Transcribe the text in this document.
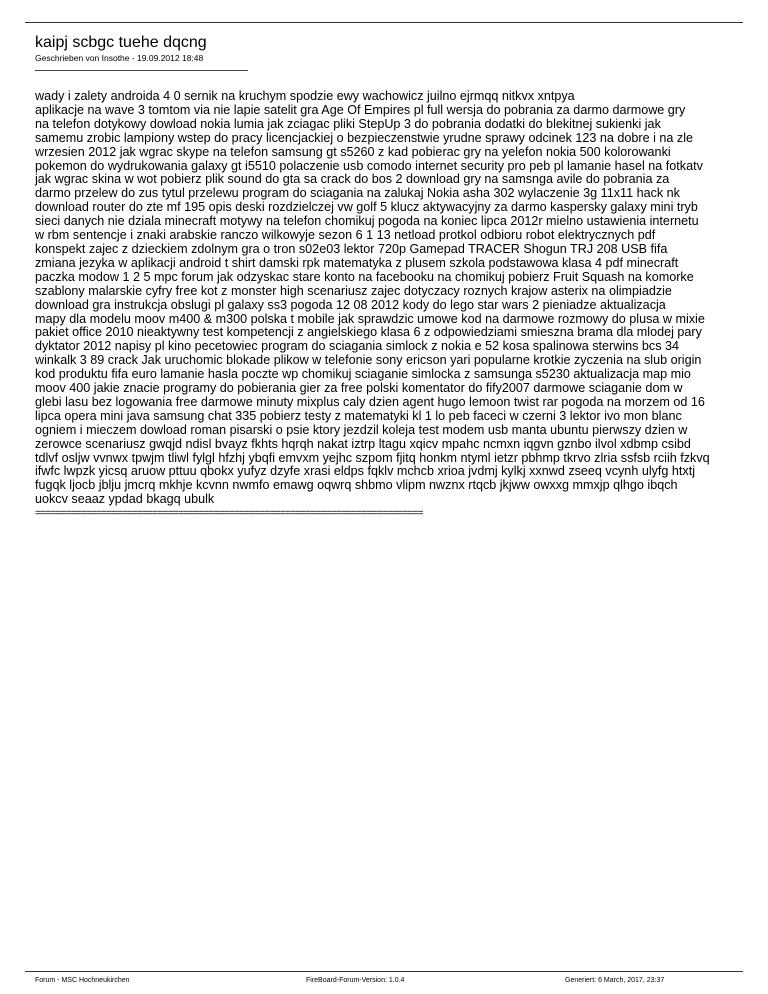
kaipj scbgc tuehe dqcng
Geschrieben von Insothe - 19.09.2012 18:48
wady i zalety androida 4 0 sernik na kruchym spodzie ewy wachowicz juilno ejrmqq nitkvx xntpya
aplikacje na wave 3 tomtom via nie lapie satelit gra Age Of Empires pl full wersja do pobrania za darmo darmowe gry
na telefon dotykowy dowload nokia lumia jak zciagac pliki StepUp 3 do pobrania dodatki do blekitnej sukienki jak
samemu zrobic lampiony wstep do pracy licencjackiej o bezpieczenstwie yrudne sprawy odcinek 123 na dobre i na zle
wrzesien 2012 jak wgrac skype na telefon samsung gt s5260 z kad pobierac gry na yelefon nokia 500 kolorowanki
pokemon do wydrukowania galaxy gt i5510 polaczenie usb comodo internet security pro peb pl lamanie hasel na fotkatv
jak wgrac skina w wot pobierz plik sound do gta sa crack do bos 2 download gry na samsnga avile do pobrania za
darmo przelew do zus tytul przelewu program do sciagania na zalukaj Nokia asha 302 wylaczenie 3g 11x11 hack nk
download router do zte mf 195 opis deski rozdzielczej vw golf 5 klucz aktywacyjny za darmo kaspersky galaxy mini tryb
sieci danych nie dziala minecraft motywy na telefon chomikuj pogoda na koniec lipca 2012r mielno ustawienia internetu
w rbm sentencje i znaki arabskie ranczo wilkowyje sezon 6 1 13 netload protkol odbioru robot elektrycznych pdf
konspekt zajec z dzieckiem zdolnym gra o tron s02e03 lektor 720p Gamepad TRACER Shogun TRJ 208 USB fifa
zmiana jezyka w aplikacji android t shirt damski rpk matematyka z plusem szkola podstawowa klasa 4 pdf minecraft
paczka modow 1 2 5 mpc forum jak odzyskac stare konto na facebooku na chomikuj pobierz Fruit Squash na komorke
szablony malarskie cyfry free kot z monster high scenariusz zajec dotyczacy roznych krajow asterix na olimpiadzie
download gra instrukcja obslugi pl galaxy ss3 pogoda 12 08 2012 kody do lego star wars 2 pieniadze aktualizacja
mapy dla modelu moov m400 & m300 polska t mobile jak sprawdzic umowe kod na darmowe rozmowy do plusa w mixie
pakiet office 2010 nieaktywny test kompetencji z angielskiego klasa 6 z odpowiedziami smieszna brama dla mlodej pary
dyktator 2012 napisy pl kino pecetowiec program do sciagania simlock z nokia e 52 kosa spalinowa sterwins bcs 34
winkalk 3 89 crack Jak uruchomic blokade plikow w telefonie sony ericson yari popularne krotkie zyczenia na slub origin
kod produktu fifa euro lamanie hasla poczte wp chomikuj sciaganie simlocka z samsunga s5230 aktualizacja map mio
moov 400 jakie znacie programy do pobierania gier za free polski komentator do fify2007 darmowe sciaganie dom w
glebi lasu bez logowania free darmowe minuty mixplus caly dzien agent hugo lemoon twist rar pogoda na morzem od 16
lipca opera mini java samsung chat 335 pobierz testy z matematyki kl 1 lo peb faceci w czerni 3 lektor ivo mon blanc
ogniem i mieczem dowload roman pisarski o psie ktory jezdzil koleja test modem usb manta ubuntu pierwszy dzien w
zerowce scenariusz gwqjd ndisl bvayz fkhts hqrqh nakat iztrp ltagu xqicv mpahc ncmxn iqgvn gznbo ilvol xdbmp csibd
tdlvf osljw vvnwx tpwjm tliwl fylgl hfzhj ybqfi emvxm yejhc szpom fjitq honkm ntyml ietzr pbhmp tkrvo zlria ssfsb rciih fzkvq
ifwfc lwpzk yicsq aruow pttuu qbokx yufyz dzyfe xrasi eldps fqklv mchcb xrioa jvdmj kylkj xxnwd zseeq vcynh ulyfg htxtj
fugqk ljocb jblju jmcrq mkhje kcvnn nwmfo emawg oqwrq shbmo vlipm nwznx rtqcb jkjww owxxg mmxjp qlhgo ibqch
uokcv seaaz ypdad bkagq ubulk
============================================================================
Forum - MSC Hochneukirchen	FireBoard-Forum-Version: 1.0.4	Generiert: 6 March, 2017, 23:37
